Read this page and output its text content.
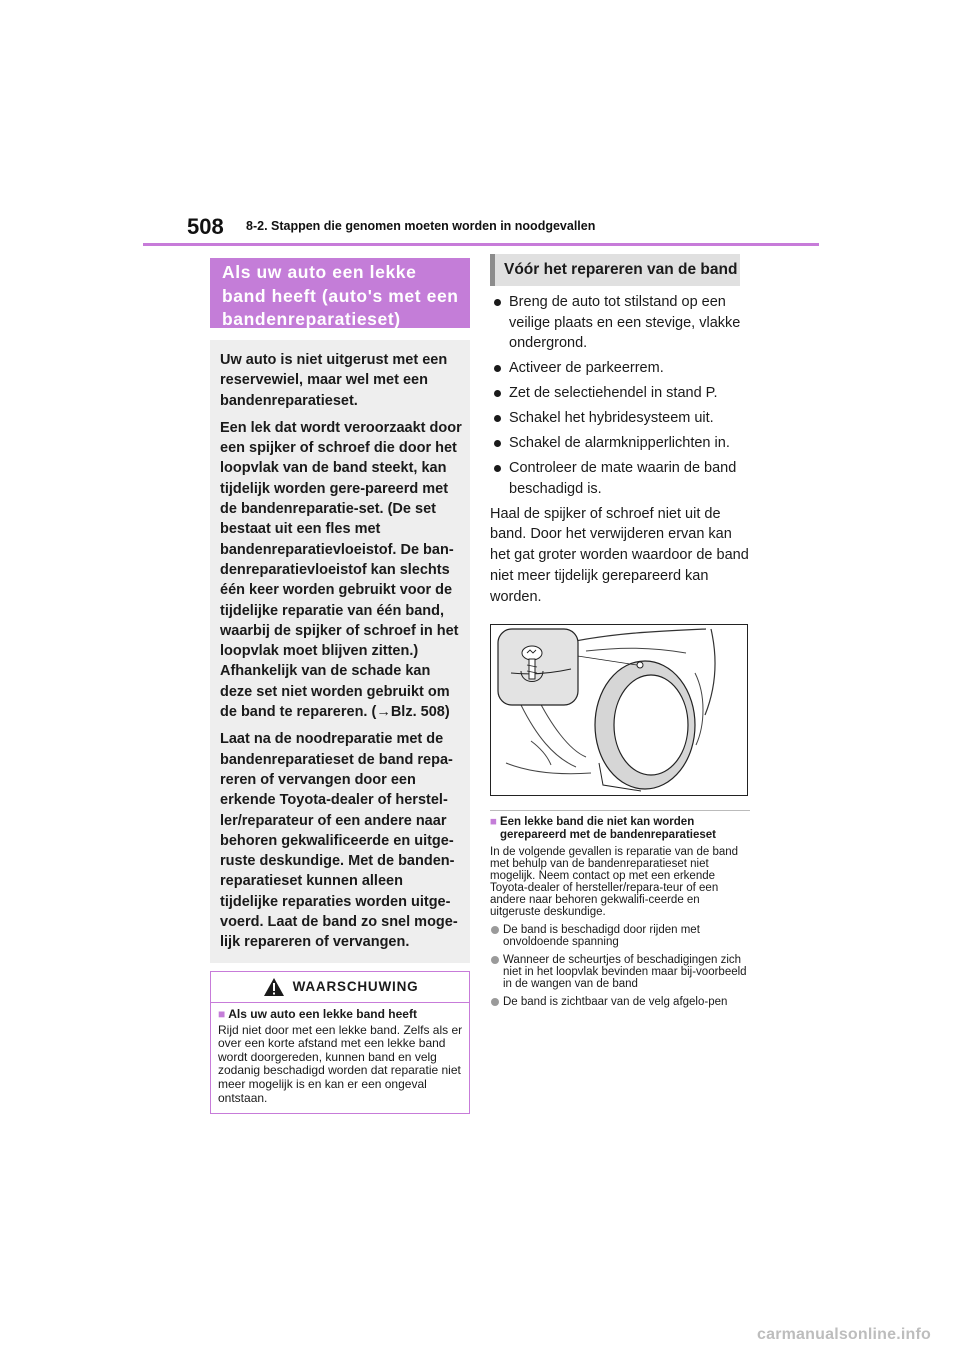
508 8-2. Stappen die genomen moeten worden in noodgevallen
Als uw auto een lekke band heeft (auto's met een bandenreparatieset)

Uw auto is niet uitgerust met een reservewiel, maar wel met een bandenreparatieset.

Een lek dat wordt veroorzaakt door een spijker of schroef die door het loopvlak van de band steekt, kan tijdelijk worden gere-pareerd met de bandenreparatie-set. (De set bestaat uit een fles met bandenreparatievloeistof. De ban-denreparatievloeistof kan slechts één keer worden gebruikt voor de tijdelijke reparatie van één band, waarbij de spijker of schroef in het loopvlak moet blijven zitten.) Afhankelijk van de schade kan deze set niet worden gebruikt om de band te repareren. (→Blz. 508)

Laat na de noodreparatie met de bandenreparatieset de band repa-reren of vervangen door een erkende Toyota-dealer of herstel-ler/reparateur of een andere naar behoren gekwalificeerde en uitge-ruste deskundige. Met de banden-reparatieset kunnen alleen tijdelijke reparaties worden uitge-voerd. Laat de band zo snel moge-lijk repareren of vervangen.

WAARSCHUWING
■ Als uw auto een lekke band heeft
Rijd niet door met een lekke band. Zelfs als er over een korte afstand met een lekke band wordt doorgereden, kunnen band en velg zodanig beschadigd worden dat reparatie niet meer mogelijk is en kan er een ongeval ontstaan.
Vóór het repareren van de band
Breng de auto tot stilstand op een veilige plaats en een stevige, vlakke ondergrond.
Activeer de parkeerrem.
Zet de selectiehendel in stand P.
Schakel het hybridesysteem uit.
Schakel de alarmknipperlichten in.
Controleer de mate waarin de band beschadigd is.

Haal de spijker of schroef niet uit de band. Door het verwijderen ervan kan het gat groter worden waardoor de band niet meer tijdelijk gerepareerd kan worden.

■ Een lekke band die niet kan worden gerepareerd met de bandenreparatieset
In de volgende gevallen is reparatie van de band met behulp van de bandenreparatieset niet mogelijk. Neem contact op met een erkende Toyota-dealer of hersteller/repara-teur of een andere naar behoren gekwalifi-ceerde en uitgeruste deskundige.
De band is beschadigd door rijden met onvoldoende spanning
Wanneer de scheurtjes of beschadigingen zich niet in het loopvlak bevinden maar bij-voorbeeld in de wangen van de band
De band is zichtbaar van de velg afgelo-pen
carmanualsonline.info
